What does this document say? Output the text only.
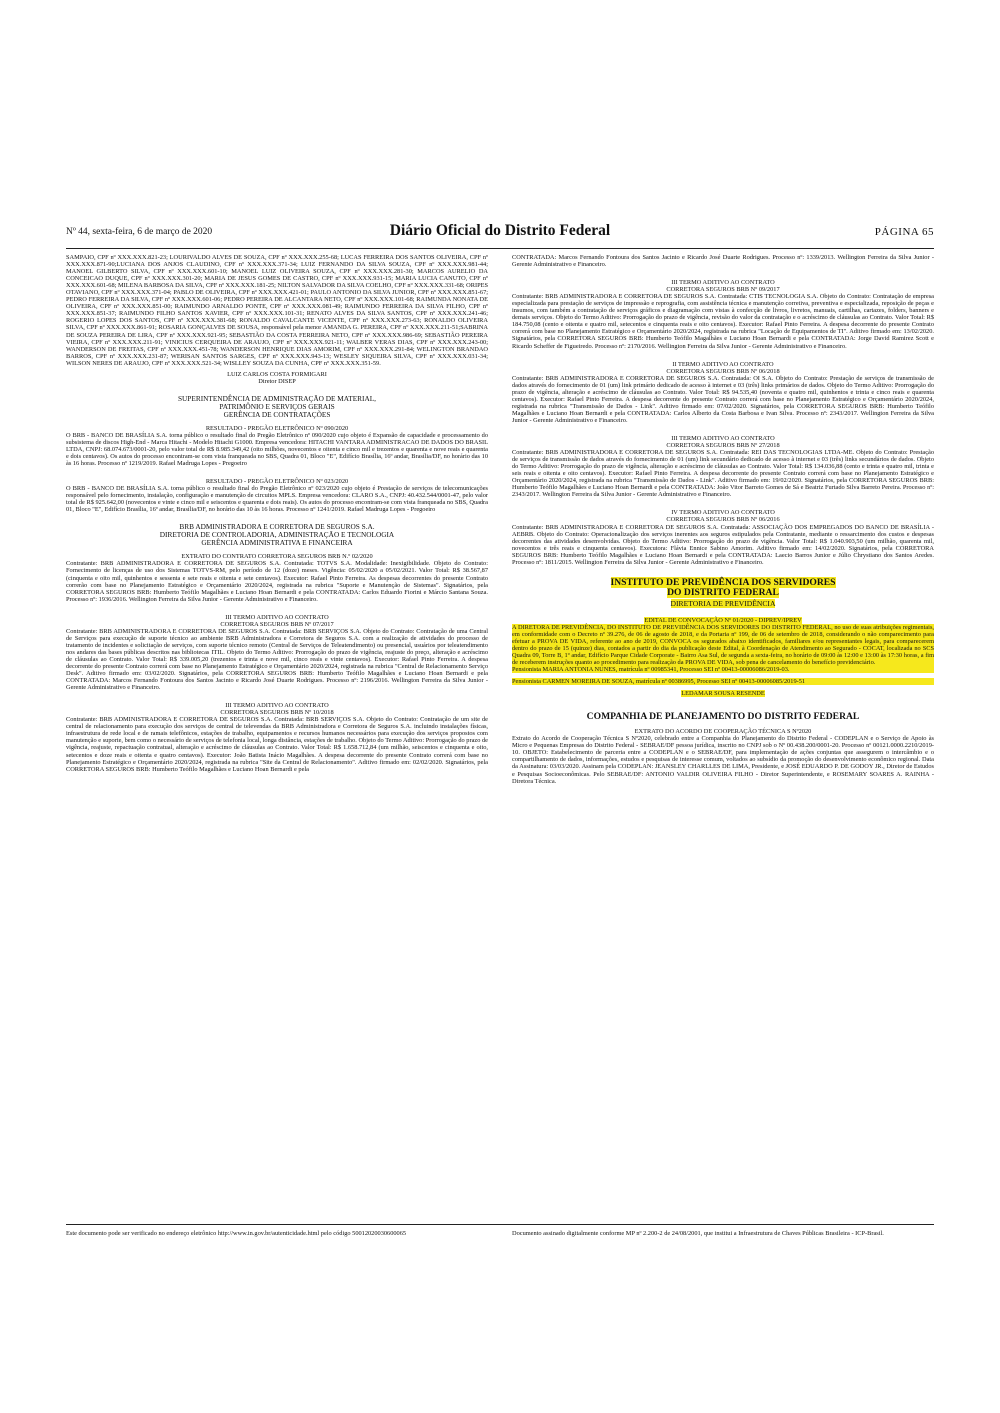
Nº 44, sexta-feira, 6 de março de 2020	Diário Oficial do Distrito Federal	PÁGINA 65

SAMPAIO, CPF nº XXX.XXX.821-23; LOURIVALDO ALVES DE SOUZA, CPF nº XXX.XXX.255-68; LUCAS FERREIRA DOS SANTOS OLIVEIRA, CPF nº XXX.XXX.871-90;LUCIANA DOS ANJOS CLAUDINO, CPF nº XXX.XXX.371-34; LUIZ FERNANDO DA SILVA SOUZA, CPF nº XXX.XXX.981-44; MANOEL GILBERTO SILVA, CPF nº XXX.XXX.601-10; MANOEL LUIZ OLIVEIRA SOUZA, CPF nº XXX.XXX.281-30; MARCOS AURELIO DA CONCEICAO DUQUE, CPF nº XXX.XXX.301-20; MARIA DE JESUS GOMES DE CASTRO, CPF nº XXX.XXX.931-15; MARIA LUCIA CANUTO, CPF nº XXX.XXX.601-68; MILENA BARBOSA DA SILVA, CPF nº XXX.XXX.181-25; NILTON SALVADOR DA SILVA COELHO, CPF nº XXX.XXX.331-68; ORIPES OTAVIANO, CPF nº XXX.XXX.371-04; PABLO DE OLIVEIRA, CPF nº XXX.XXX.421-01; PAULO ANTONIO DA SILVA JUNIOR, CPF nº XXX.XXX.851-67; PEDRO FERREIRA DA SILVA, CPF nº XXX.XXX.601-06; PEDRO PEREIRA DE ALCANTARA NETO, CPF nº XXX.XXX.101-68; RAIMUNDA NONATA DE OLIVEIRA, CPF nº XXX.XXX.851-00; RAIMUNDO ARNALDO PONTE, CPF nº XXX.XXX.081-49; RAIMUNDO FERREIRA DA SILVA FILHO, CPF nº XXX.XXX.851-37; RAIMUNDO FILHO SANTOS XAVIER, CPF nº XXX.XXX.101-31; RENATO ALVES DA SILVA SANTOS, CPF nº XXX.XXX.241-46; ROGERIO LOPES DOS SANTOS, CPF nº XXX.XXX.381-68; RONALDO CAVALCANTE VICENTE, CPF nº XXX.XXX.273-63; RONALDO OLIVEIRA SILVA, CPF nº XXX.XXX.861-91; ROSARIA GONÇALVES DE SOUSA, responsável pela menor AMANDA G. PEREIRA, CPF nº XXX.XXX.211-51;SABRINA DE SOUZA PEREIRA DE LIRA, CPF nº XXX.XXX.921-95; SEBASTIÃO DA COSTA FERREIRA NETO, CPF nº XXX.XXX.986-69; SEBASTIÃO PEREIRA VIEIRA, CPF nº XXX.XXX.211-91; VINICIUS CERQUEIRA DE ARAUJO, CPF nº XXX.XXX.921-11; WALBER VERAS DIAS, CPF nº XXX.XXX.243-00; WANDERSON DE FREITAS, CPF nº XXX.XXX.451-78; WANDERSON HENRIQUE DIAS AMORIM, CPF nº XXX.XXX.291-84; WELINGTON BRANDAO BARROS, CPF nº XXX.XXX.231-87; WERISAN SANTOS SARGES, CPF nº XXX.XXX.943-13; WESLEY SIQUEIRA SILVA, CPF nº XXX.XXX.031-34; WILSON NERES DE ARAUJO, CPF nº XXX.XXX.521-34; WISLLEY SOUZA DA CUNHA, CPF nº XXX.XXX.351-59.

LUIZ CARLOS COSTA FORMIGARI
Diretor DISEP
SUPERINTENDÊNCIA DE ADMINISTRAÇÃO DE MATERIAL,
PATRIMÔNIO E SERVIÇOS GERAIS
GERÊNCIA DE CONTRATAÇÕES
RESULTADO - PREGÃO ELETRÔNICO Nº 090/2020

O BRB - BANCO DE BRASÍLIA S.A. torna público o resultado final do Pregão Eletrônico nº 090/2020 cujo objeto é Expansão de capacidade e processamento do subsistema de discos High-End - Marca Hitachi - Modelo Hitachi G1000. Empresa vencedora: HITACHI VANTARA ADMINISTRACAO DE DADOS DO BRASIL LTDA, CNPJ: 68.074.673/0001-20, pelo valor total de R$ 8.985.349,42 (oito milhões, novecentos e oitenta e cinco mil e trezentos e quarenta e nove reais e quarenta e dois centavos). Os autos do processo encontram-se com vista franqueada no SBS, Quadra 01, Bloco "E", Edifício Brasília, 16º andar, Brasília/DF, no horário das 10 às 16 horas. Processo nº 1219/2019. Rafael Madruga Lopes - Pregoeiro

RESULTADO - PREGÃO ELETRÔNICO Nº 023/2020

O BRB - BANCO DE BRASÍLIA S.A. torna público o resultado final do Pregão Eletrônico nº 023/2020 cujo objeto é Prestação de serviços de telecomunicações responsável pelo fornecimento, instalação, configuração e manutenção de circuitos MPLS. Empresa vencedora: CLARO S.A., CNPJ: 40.432.544/0001-47, pelo valor total de R$ 925.642,00 (novecentos e vinte e cinco mil e seiscentos e quarenta e dois reais). Os autos do processo encontram-se com vista franqueada no SBS, Quadra 01, Bloco "E", Edifício Brasília, 16º andar, Brasília/DF, no horário das 10 às 16 horas. Processo nº 1241/2019. Rafael Madruga Lopes - Pregoeiro

BRB ADMINISTRADORA E CORRETORA DE SEGUROS S.A.
DIRETORIA DE CONTROLADORIA, ADMINISTRAÇÃO E TECNOLOGIA
GERÊNCIA ADMINISTRATIVA E FINANCEIRA
EXTRATO DO CONTRATO CORRETORA SEGUROS BRB N.º 02/2020

Contratante: BRB ADMINISTRADORA E CORRETORA DE SEGUROS S.A. Contratada: TOTVS S.A. Modalidade: Inexigibilidade. Objeto do Contrato: Fornecimento de licenças de uso dos Sistemas TOTVS-RM, pelo período de 12 (doze) meses. Vigência: 05/02/2020 a 05/02/2021. Valor Total: R$ 38.567,87 (cinquenta e oito mil, quinhentos e sessenta e sete reais e oitenta e sete centavos). Executor: Rafael Pinto Ferreira. As despesas decorrentes do presente Contrato correrão com base no Planejamento Estratégico e Orçamentário 2020/2024, registrada na rubrica "Suporte e Manutenção de Sistemas". Signatários, pela CORRETORA SEGUROS BRB: Humberto Teófilo Magalhães e Luciano Hoan Bernardi e pela CONTRATADA: Carlos Eduardo Fiorini e Márcio Santana Souza. Processo nº: 1936/2016. Wellington Ferreira da Silva Junior - Gerente Administrativo e Financeiro.

III TERMO ADITIVO AO CONTRATO
CORRETORA SEGUROS BRB Nº 07/2017

Contratante: BRB ADMINISTRADORA E CORRETORA DE SEGUROS S.A. Contratada: BRB SERVIÇOS S.A. Objeto do Contrato: Contratação de uma Central de Serviços para execução de suporte técnico ao ambiente BRB Administradora e Corretora de Seguros S.A. com a realização de atividades do processo de tratamento de incidentes e solicitação de serviços, com suporte técnico remoto (Central de Serviços de Teleatendimento) ou presencial, usuários por teleatendimento nos andares das bases públicas descritos nas bibliotecas ITIL. Objeto do Termo Aditivo: Prorrogação do prazo de vigência, reajuste do preço, alteração e acréscimo de cláusulas ao Contrato. Valor Total: R$ 339.005,20 (trezentos e trinta e nove mil, cinco reais e vinte centavos). Executor: Rafael Pinto Ferreira. A despesa decorrente do presente Contrato correrá com base no Planejamento Estratégico e Orçamentário 2020/2024, registrada na rubrica "Central de Relacionamento Serviço Desk". Aditivo firmado em: 03/02/2020. Signatários, pela CORRETORA SEGUROS BRB: Humberto Teófilo Magalhães e Luciano Hoan Bernardi e pela CONTRATADA: Marcos Fernando Fontoura dos Santos Jacinto e Ricardo José Duarte Rodrigues. Processo nº: 2196/2016. Wellington Ferreira da Silva Junior - Gerente Administrativo e Financeiro.

III TERMO ADITIVO AO CONTRATO
CORRETORA SEGUROS BRB Nº 10/2018

Contratante: BRB ADMINISTRADORA E CORRETORA DE SEGUROS S.A. Contratada: BRB SERVIÇOS S.A. Objeto do Contrato: Contratação de um site de central de relacionamento para execução dos serviços de central de televendas da BRB Administradora e Corretora de Seguros S.A. incluindo instalações físicas, infraestrutura de rede local e de ramais telefônicos, estações de trabalho, equipamentos e recursos humanos necessários para execução dos serviços propostos com manutenção e suporte, bem como o necessário de serviços de telefonia local, longa distância, estações de trabalho. Objeto do Termo Aditivo: Prorrogação do prazo de vigência, reajuste, repactuação contratual, alteração e acréscimo de cláusulas ao Contrato. Valor Total: R$ 1.658.712,84 (um milhão, seiscentos e cinquenta e oito, setecentos e doze reais e oitenta e quatro centavos). Executor: João Batista Inácio Magalhães. A despesa decorrente do presente Contrato correrá com base no Planejamento Estratégico e Orçamentário 2020/2024, registrada na rubrica "Site da Central de Relacionamento". Aditivo firmado em: 02/02/2020. Signatários, pela CORRETORA SEGUROS BRB: Humberto Teófilo Magalhães e Luciano Hoan Bernardi e pela

CONTRATADA: Marcos Fernando Fontoura dos Santos Jacinto e Ricardo José Duarte Rodrigues. Processo nº: 1339/2013. Wellington Ferreira da Silva Junior - Gerente Administrativo e Financeiro.

III TERMO ADITIVO AO CONTRATO
CORRETORA SEGUROS BRB Nº 09/2017

Contratante: BRB ADMINISTRADORA E CORRETORA DE SEGUROS S.A. Contratada: CTIS TECNOLOGIA S.A. Objeto do Contrato: Contratação de empresa especializada para prestação de serviços de impressão e reprografia, com assistência técnica e manutenção corretiva, preventiva e especializada, reposição de peças e insumos, com também a contratação de serviços gráficos e diagramação com vistas à confecção de livros, livretos, manuais, cartilhas, cartazes, folders, banners e demais serviços. Objeto do Termo Aditivo: Prorrogação do prazo de vigência, revisão do valor da contratação e o acréscimo de cláusulas ao Contrato. Valor Total: R$ 184.750,08 (cento e oitenta e quatro mil, setecentos e cinquenta reais e oito centavos). Executor: Rafael Pinto Ferreira. A despesa decorrente do presente Contrato correrá com base no Planejamento Estratégico e Orçamentário 2020/2024, registrada na rubrica "Locação de Equipamentos de TI". Aditivo firmado em: 13/02/2020. Signatários, pela CORRETORA SEGUROS BRB: Humberto Teófilo Magalhães e Luciano Hoan Bernardi e pela CONTRATADA: Jorge David Ramirez Scott e Ricardo Scheffer de Figueiredo. Processo nº: 2170/2016. Wellington Ferreira da Silva Junior - Gerente Administrativo e Financeiro.

II TERMO ADITIVO AO CONTRATO
CORRETORA SEGUROS BRB Nº 06/2018

Contratante: BRB ADMINISTRADORA E CORRETORA DE SEGUROS S.A. Contratada: OI S.A. Objeto do Contrato: Prestação de serviços de transmissão de dados através do fornecimento de 01 (um) link primário dedicado de acesso à internet e 03 (três) links primários de dados. Objeto do Termo Aditivo: Prorrogação do prazo de vigência, alteração e acréscimo de cláusulas ao Contrato. Valor Total: R$ 94.535,40 (noventa e quatro mil, quinhentos e trinta e cinco reais e quarenta centavos). Executor: Rafael Pinto Ferreira. A despesa decorrente do presente Contrato correrá com base no Planejamento Estratégico e Orçamentário 2020/2024, registrada na rubrica "Transmissão de Dados - Link". Aditivo firmado em: 07/02/2020. Signatários, pela CORRETORA SEGUROS BRB: Humberto Teófilo Magalhães e Luciano Hoan Bernardi e pela CONTRATADA: Carlos Alberto da Costa Barbosa e Ivan Silva. Processo nº: 2343/2017. Wellington Ferreira da Silva Junior - Gerente Administrativo e Financeiro.

III TERMO ADITIVO AO CONTRATO
CORRETORA SEGUROS BRB Nº 27/2018

Contratante: BRB ADMINISTRADORA E CORRETORA DE SEGUROS S.A. Contratada: REI DAS TECNOLOGIAS LTDA-ME. Objeto do Contrato: Prestação de serviços de transmissão de dados através do fornecimento de 01 (um) link secundário dedicado de acesso à internet e 03 (três) links secundários de dados. Objeto do Termo Aditivo: Prorrogação do prazo de vigência, alteração e acréscimo de cláusulas ao Contrato. Valor Total: R$ 134.036,88 (cento e trinta e quatro mil, trinta e seis reais e oitenta e oito centavos). Executor: Rafael Pinto Ferreira. A despesa decorrente do presente Contrato correrá com base no Planejamento Estratégico e Orçamentário 2020/2024, registrada na rubrica "Transmissão de Dados - Link". Aditivo firmado em: 19/02/2020. Signatários, pela CORRETORA SEGUROS BRB: Humberto Teófilo Magalhães e Luciano Hoan Bernardi e pela CONTRATADA: João Vitor Barreto Gomes de Sá e Beatriz Furtado Silva Barreto Pereira. Processo nº: 2343/2017. Wellington Ferreira da Silva Junior - Gerente Administrativo e Financeiro.

IV TERMO ADITIVO AO CONTRATO
CORRETORA SEGUROS BRB Nº 06/2016

Contratante: BRB ADMINISTRADORA E CORRETORA DE SEGUROS S.A. Contratada: ASSOCIAÇÃO DOS EMPREGADOS DO BANCO DE BRASÍLIA - AEBRB. Objeto do Contrato: Operacionalização dos serviços inerentes aos seguros estipulados pela Contratante, mediante o ressarcimento dos custos e despesas decorrentes das atividades desenvolvidas. Objeto do Termo Aditivo: Prorrogação do prazo de vigência. Valor Total: R$ 1.040.903,50 (um milhão, quarenta mil, novecentos e três reais e cinquenta centavos). Executora: Flávia Ennice Sabino Amorim. Aditivo firmado em: 14/02/2020. Signatários, pela CORRETORA SEGUROS BRB: Humberto Teófilo Magalhães e Luciano Hoan Bernardi e pela CONTRATADA: Laecio Barros Junior e Júlio Chrystiano dos Santos Aredes. Processo nº: 1811/2015. Wellington Ferreira da Silva Junior - Gerente Administrativo e Financeiro.

INSTITUTO DE PREVIDÊNCIA DOS SERVIDORES
DO DISTRITO FEDERAL
DIRETORIA DE PREVIDÊNCIA
EDITAL DE CONVOCAÇÃO Nº 01/2020 - DIPREV/IPREV

A DIRETORA DE PREVIDÊNCIA, DO INSTITUTO DE PREVIDÊNCIA DOS SERVIDORES DO DISTRITO FEDERAL, no uso de suas atribuições regimentais, em conformidade com o Decreto nº 39.276, de 06 de agosto de 2018, e da Portaria nº 199, de 06 de setembro de 2018, considerando o não comparecimento para efetuar a PROVA DE VIDA, referente ao ano de 2019, CONVOCA os segurados abaixo identificados, familiares e/ou representantes legais, para comparecerem dentro do prazo de 15 (quinze) dias, contados a partir do dia da publicação deste Edital, à Coordenação de Atendimento ao Segurado - COCAT, localizada no SCS Quadra 09, Torre B, 1º andar, Edifício Parque Cidade Corporate - Bairro Asa Sul, de segunda a sexta-feira, no horário de 09:00 às 12:00 e 13:00 às 17:30 horas, a fim de receberem instruções quanto ao procedimento para realização da PROVA DE VIDA, sob pena de cancelamento do benefício previdenciário.

Pensionista MARIA ANTONIA NUNES, matrícula nº 00985341, Processo SEI nº 00413-00006086/2019-03.

Pensionista CARMEN MOREIRA DE SOUZA, matrícula nº 00386995, Processo SEI nº 00413-00006085/2019-51

LEDAMAR SOUSA RESENDE
COMPANHIA DE PLANEJAMENTO DO DISTRITO FEDERAL
EXTRATO DO ACORDO DE COOPERAÇÃO TÉCNICA S Nº2020

Extrato do Acordo de Cooperação Técnica S Nº2020, celebrado entre a Companhia do Planejamento do Distrito Federal - CODEPLAN e o Serviço de Apoio às Micro e Pequenas Empresas do Distrito Federal - SEBRAE/DF pessoa jurídica, inscrito no CNPJ sob o Nº 00.438.200/0001-20. Processo nº 00121.0000.2210/2019-10. OBJETO: Estabelecimento de parceria entre a CODEPLAN e o SEBRAE/DF, para implementação de ações conjuntas que assegurem o intercâmbio e o compartilhamento de dados, informações, estudos e pesquisas de interesse comum, voltados ao subsídio da promoção do desenvolvimento econômico regional. Data da Assinatura: 03/03/2020. Assinam pela CODEPLAN: JEANSLEY CHARLLES DE LIMA, Presidente, e JOSÉ EDUARDO P. DE GODOY JR., Diretor de Estudos e Pesquisas Socioeconômicas. Pelo SEBRAE/DF: ANTONIO VALDIR OLIVEIRA FILHO - Diretor Superintendente, e ROSEMARY SOARES A. RAINHA - Diretora Técnica.

Este documento pode ser verificado no endereço eletrônico http://www.in.gov.br/autenticidade.html pelo código 50012020030600065	Documento assinado digitalmente conforme MP nº 2.200-2 de 24/08/2001, que institui a Infraestrutura de Chaves Públicas Brasileira - ICP-Brasil.
